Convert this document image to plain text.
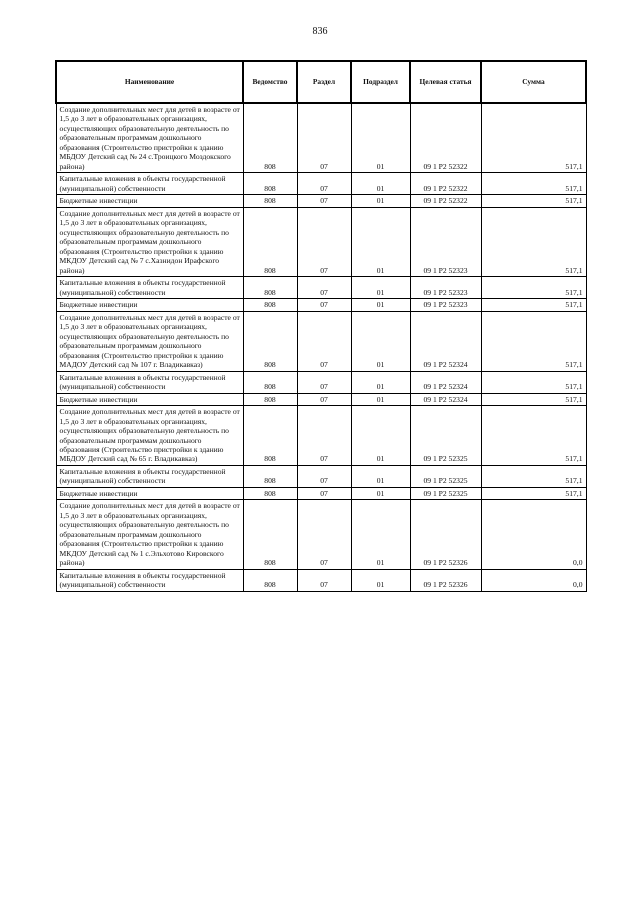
836
Наименование	Ведомство	Раздел	Подраздел	Целевая статья	Сумма
Создание дополнительных мест для детей в возрасте от 1,5 до 3 лет в образовательных организациях, осуществляющих образовательную деятельность по образовательным программам дошкольного образования (Строительство пристройки к зданию МБДОУ Детский сад № 24 с.Троицкого Моздокского района)	808	07	01	09 1 P2 52322	517,1
Капитальные вложения в объекты государственной (муниципальной) собственности	808	07	01	09 1 P2 52322	517,1
Бюджетные инвестиции	808	07	01	09 1 P2 52322	517,1
Создание дополнительных мест для детей в возрасте от 1,5 до 3 лет в образовательных организациях, осуществляющих образовательную деятельность по образовательным программам дошкольного образования (Строительство пристройки к зданию МКДОУ Детский сад № 7 с.Хазнидон Ирафского района)	808	07	01	09 1 P2 52323	517,1
Капитальные вложения в объекты государственной (муниципальной) собственности	808	07	01	09 1 P2 52323	517,1
Бюджетные инвестиции	808	07	01	09 1 P2 52323	517,1
Создание дополнительных мест для детей в возрасте от 1,5 до 3 лет в образовательных организациях, осуществляющих образовательную деятельность по образовательным программам дошкольного образования (Строительство пристройки к зданию МАДОУ Детский сад № 107 г. Владикавказ)	808	07	01	09 1 P2 52324	517,1
Капитальные вложения в объекты государственной (муниципальной) собственности	808	07	01	09 1 P2 52324	517,1
Бюджетные инвестиции	808	07	01	09 1 P2 52324	517,1
Создание дополнительных мест для детей в возрасте от 1,5 до 3 лет в образовательных организациях, осуществляющих образовательную деятельность по образовательным программам дошкольного образования (Строительство пристройки к зданию МБДОУ Детский сад № 65 г. Владикавказ)	808	07	01	09 1 P2 52325	517,1
Капитальные вложения в объекты государственной (муниципальной) собственности	808	07	01	09 1 P2 52325	517,1
Бюджетные инвестиции	808	07	01	09 1 P2 52325	517,1
Создание дополнительных мест для детей в возрасте от 1,5 до 3 лет в образовательных организациях, осуществляющих образовательную деятельность по образовательным программам дошкольного образования (Строительство пристройки к зданию МКДОУ Детский сад № 1 с.Эльхотово Кировского района)	808	07	01	09 1 P2 52326	0,0
Капитальные вложения в объекты государственной (муниципальной) собственности	808	07	01	09 1 P2 52326	0,0
